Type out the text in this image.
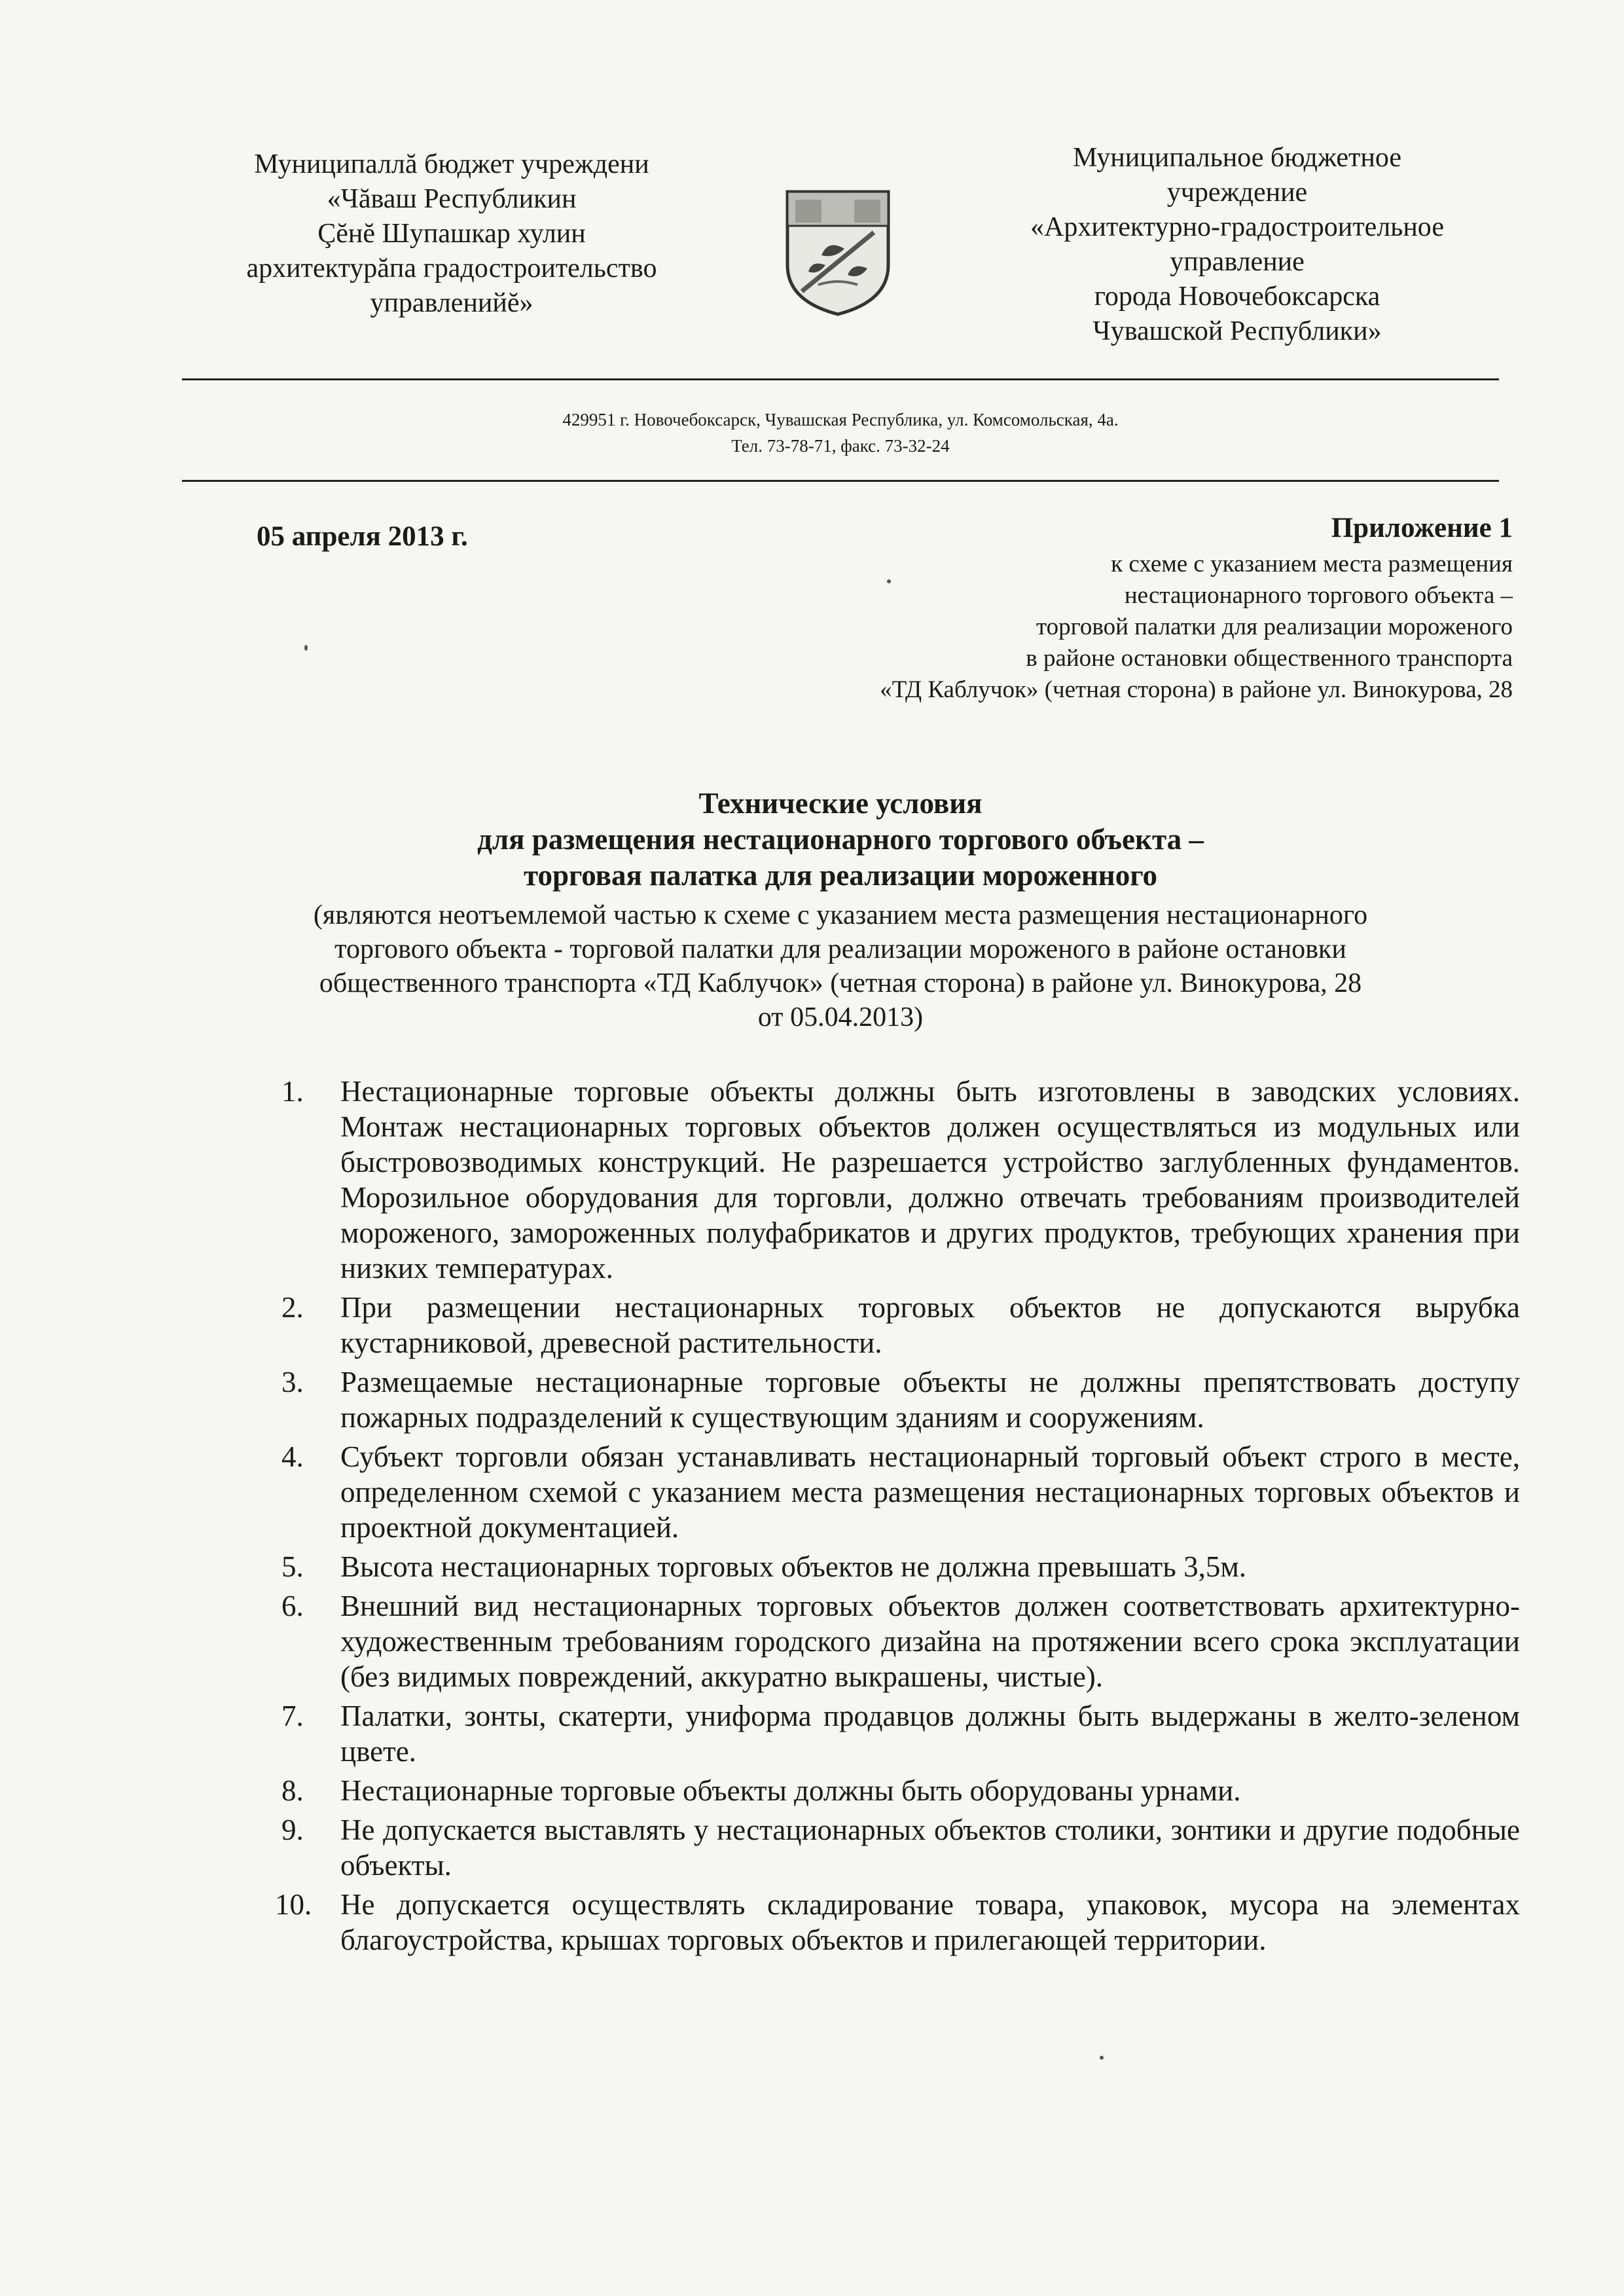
Муниципаллă бюджет учреждени
«Чăваш Республикин
Çĕнĕ Шупашкар хулин
архитектурăпа градостроительство
управленийĕ»
Муниципальное бюджетное
учреждение
«Архитектурно-градостроительное
управление
города Новочебоксарска
Чувашской Республики»
429951 г. Новочебоксарск, Чувашская Республика, ул. Комсомольская, 4а.
Тел. 73-78-71, факс. 73-32-24
05 апреля 2013 г.	Приложение 1
к схеме с указанием места размещения
нестационарного торгового объекта –
торговой палатки для реализации мороженого
в районе остановки общественного транспорта
«ТД Каблучок» (четная сторона) в районе ул. Винокурова, 28
Технические условия
для размещения нестационарного торгового объекта –
торговая палатка для реализации мороженного
(являются неотъемлемой частью к схеме с указанием места размещения нестационарного
торгового объекта - торговой палатки для реализации мороженого в районе остановки
общественного транспорта «ТД Каблучок» (четная сторона) в районе ул. Винокурова, 28
от 05.04.2013)
1.	Нестационарные торговые объекты должны быть изготовлены в заводских условиях. Монтаж нестационарных торговых объектов должен осуществляться из модульных или быстровозводимых конструкций. Не разрешается устройство заглубленных фундаментов. Морозильное оборудования для торговли, должно отвечать требованиям производителей мороженого, замороженных полуфабрикатов и других продуктов, требующих хранения при низких температурах.
2.	При размещении нестационарных торговых объектов не допускаются вырубка кустарниковой, древесной растительности.
3.	Размещаемые нестационарные торговые объекты не должны препятствовать доступу пожарных подразделений к существующим зданиям и сооружениям.
4.	Субъект торговли обязан устанавливать нестационарный торговый объект строго в месте, определенном схемой с указанием места размещения нестационарных торговых объектов и проектной документацией.
5.	Высота нестационарных торговых объектов не должна превышать 3,5м.
6.	Внешний вид нестационарных торговых объектов должен соответствовать архитектурно-художественным требованиям городского дизайна на протяжении всего срока эксплуатации (без видимых повреждений, аккуратно выкрашены, чистые).
7.	Палатки, зонты, скатерти, униформа продавцов должны быть выдержаны в желто-зеленом цвете.
8.	Нестационарные торговые объекты должны быть оборудованы урнами.
9.	Не допускается выставлять у нестационарных объектов столики, зонтики и другие подобные объекты.
10. Не допускается осуществлять складирование товара, упаковок, мусора на элементах благоустройства, крышах торговых объектов и прилегающей территории.
